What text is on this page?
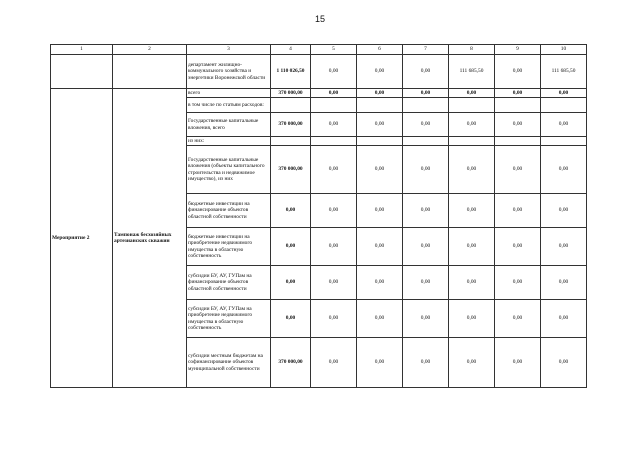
15
1	2	3	4	5	6	7	8	9	10
		департамент жилищно-коммунального хозяйства и энергетики Воронежской области	1 110 026,50	0,00	0,00	0,00	111 685,50	0,00	111 685,50
Мероприятие 2	Тампонаж бесхозяйных артезианских скважин	всего	370 000,00	0,00	0,00	0,00	0,00	0,00	0,00
		в том числе по статьям расходов:							
		Государственные капитальные вложения, всего	370 000,00	0,00	0,00	0,00	0,00	0,00	0,00
		из них:							
		Государственные капитальные вложения (объекты капитального строительства и недвижимое имущество), из них	370 000,00	0,00	0,00	0,00	0,00	0,00	0,00
		бюджетные инвестиции на финансирование объектов областной собственности	0,00	0,00	0,00	0,00	0,00	0,00	0,00
		бюджетные инвестиции на приобретение недвижимого имущества в областную собственность	0,00	0,00	0,00	0,00	0,00	0,00	0,00
		субсидии БУ, АУ, ГУПам на финансирование объектов областной собственности	0,00	0,00	0,00	0,00	0,00	0,00	0,00
		субсидии БУ, АУ, ГУПам на приобретение недвижимого имущества в областную собственность	0,00	0,00	0,00	0,00	0,00	0,00	0,00
		субсидии местным бюджетам на софинансирование объектов муниципальной собственности	370 000,00	0,00	0,00	0,00	0,00	0,00	0,00
